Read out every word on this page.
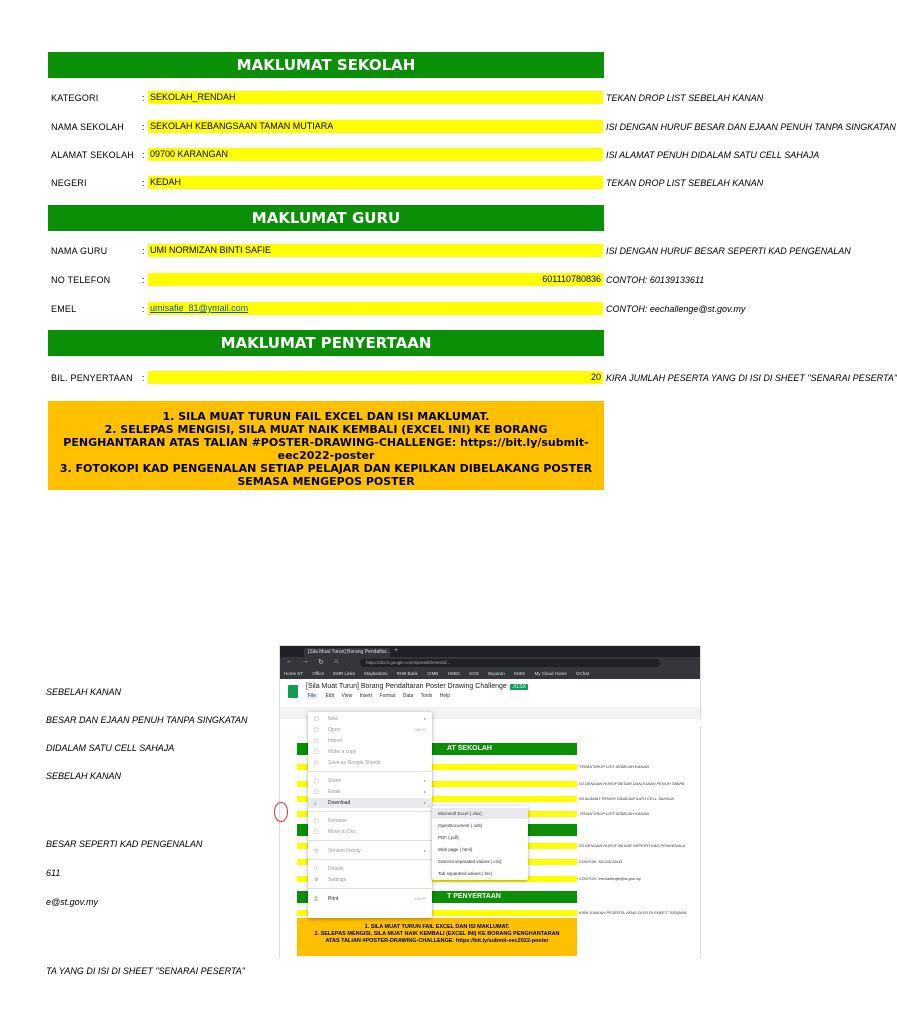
MAKLUMAT SEKOLAH
KATEGORI	: SEKOLAH_RENDAH	TEKAN DROP LIST SEBELAH KANAN
NAMA SEKOLAH : SEKOLAH KEBANGSAAN TAMAN MUTIARA	ISI DENGAN HURUF BESAR DAN EJAAN PENUH TANPA SINGKATAN
ALAMAT SEKOLAH : 09700 KARANGAN	ISI ALAMAT PENUH DIDALAM SATU CELL SAHAJA
NEGERI	: KEDAH	TEKAN DROP LIST SEBELAH KANAN
MAKLUMAT GURU
NAMA GURU	: UMI NORMIZAN BINTI SAFIE	ISI DENGAN HURUF BESAR SEPERTI KAD PENGENALAN
NO TELEFON	:	601110780836 CONTOH: 60139133611
EMEL	: umisafie_81@ymail.com	CONTOH: eechallenge@st.gov.my
MAKLUMAT PENYERTAAN
BIL. PENYERTAAN :	20 KIRA JUMLAH PESERTA YANG DI ISI DI SHEET "SENARAI PESERTA"
1. SILA MUAT TURUN FAIL EXCEL DAN ISI MAKLUMAT.
2. SELEPAS MENGISI, SILA MUAT NAIK KEMBALI (EXCEL INI) KE BORANG PENGHANTARAN ATAS TALIAN #POSTER-DRAWING-CHALLENGE: https://bit.ly/submit-eec2022-poster
3. FOTOKOPI KAD PENGENALAN SETIAP PELAJAR DAN KEPILKAN DIBELAKANG POSTER SEMASA MENGEPOS POSTER
SEBELAH KANAN
BESAR DAN EJAAN PENUH TANPA SINGKATAN
DIDALAM SATU CELL SAHAJA
SEBELAH KANAN
BESAR SEPERTI KAD PENGENALAN
611
e@st.gov.my
TA YANG DI ISI DI SHEET "SENARAI PESERTA"
[Sila Muat Turun] Borang Pendaftar... +
← → ↻ ⌂	https://docs.google.com/spreadsheets/d/...
Home ST Office EMR Links Maybank2u RHB Bank CIMB HSBC KOS Bayaran EMIS My Cloud Home GChat
[Sila Muat Turun] Borang Pendaftaran Poster Drawing Challenge .XLSX
File Edit View Insert Format Data Tools Help
AT SEKOLAH
TEKAN DROP LIST SEBELAH KANAN
ISI DENGAN HURUF BESAR DAN EJAAN PENUH TANPA
ISI ALAMAT PENUH DIDALAM SATU CELL SAHAJA
TEKAN DROP LIST SEBELAH KANAN
ISI DENGAN HURUF BESAR SEPERTI KAD PENGENALA
CONTOH: 60139133611
CONTOH: eechallenge@st.gov.my
T PENYERTAAN
KIRA JUMLAH PESERTA YANG DI ISI DI SHEET "SENARA
1. SILA MUAT TURUN FAIL EXCEL DAN ISI MAKLUMAT.
2. SELEPAS MENGISI, SILA MUAT NAIK KEMBALI (EXCEL INI) KE BORANG PENGHANTARAN
ATAS TALIAN #POSTER-DRAWING-CHALLENGE: https://bit.ly/submit-eec2022-poster
▢ New	▸
▢ Open	Ctrl+O
▢ Import
▢ Make a copy
▢ Save as Google Sheets
▢ Share	▸
▢ Email	▸
⤓ Download	▸
▢ Rename
▢ Move to Doc
◷ Version history	▸
ⓘ Details
⚙ Settings
⎙ Print	Ctrl+P
Microsoft Excel (.xlsx)
OpenDocument (.ods)
PDF (.pdf)
Web page (.html)
Comma separated values (.csv)
Tab separated values (.tsv)
